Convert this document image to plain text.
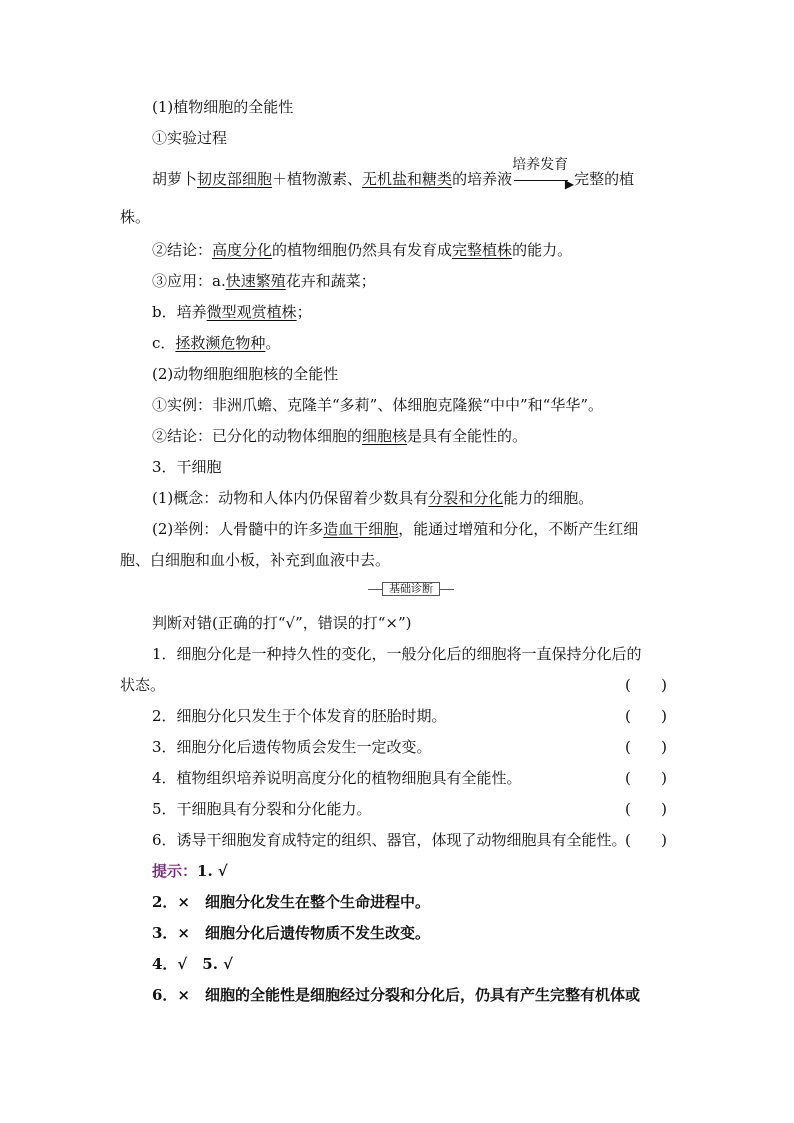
(1)植物细胞的全能性
①实验过程
胡萝卜韧皮部细胞＋植物激素、无机盐和糖类的培养液
培养发育
▶ 完整的植
株。
②结论：高度分化的植物细胞仍然具有发育成完整植株的能力。
③应用：a.快速繁殖花卉和蔬菜；
b．培养微型观赏植株；
c．拯救濒危物种。
(2)动物细胞细胞核的全能性
①实例：非洲爪蟾、克隆羊“多莉”、体细胞克隆猴“中中”和“华华”。
②结论：已分化的动物体细胞的细胞核是具有全能性的。
3．干细胞
(1)概念：动物和人体内仍保留着少数具有分裂和分化能力的细胞。
(2)举例：人骨髓中的许多造血干细胞，能通过增殖和分化，不断产生红细
胞、白细胞和血小板，补充到血液中去。
基础诊断
判断对错(正确的打“√”，错误的打“×”)
1．细胞分化是一种持久性的变化，一般分化后的细胞将一直保持分化后的
状态。	( )
2．细胞分化只发生于个体发育的胚胎时期。	( )
3．细胞分化后遗传物质会发生一定改变。	( )
4．植物组织培养说明高度分化的植物细胞具有全能性。	( )
5．干细胞具有分裂和分化能力。	( )
6．诱导干细胞发育成特定的组织、器官，体现了动物细胞具有全能性。
( )
提示：1. √
2．×　细胞分化发生在整个生命进程中。
3．×　细胞分化后遗传物质不发生改变。
4．√　5. √
6．×　细胞的全能性是细胞经过分裂和分化后，仍具有产生完整有机体或
